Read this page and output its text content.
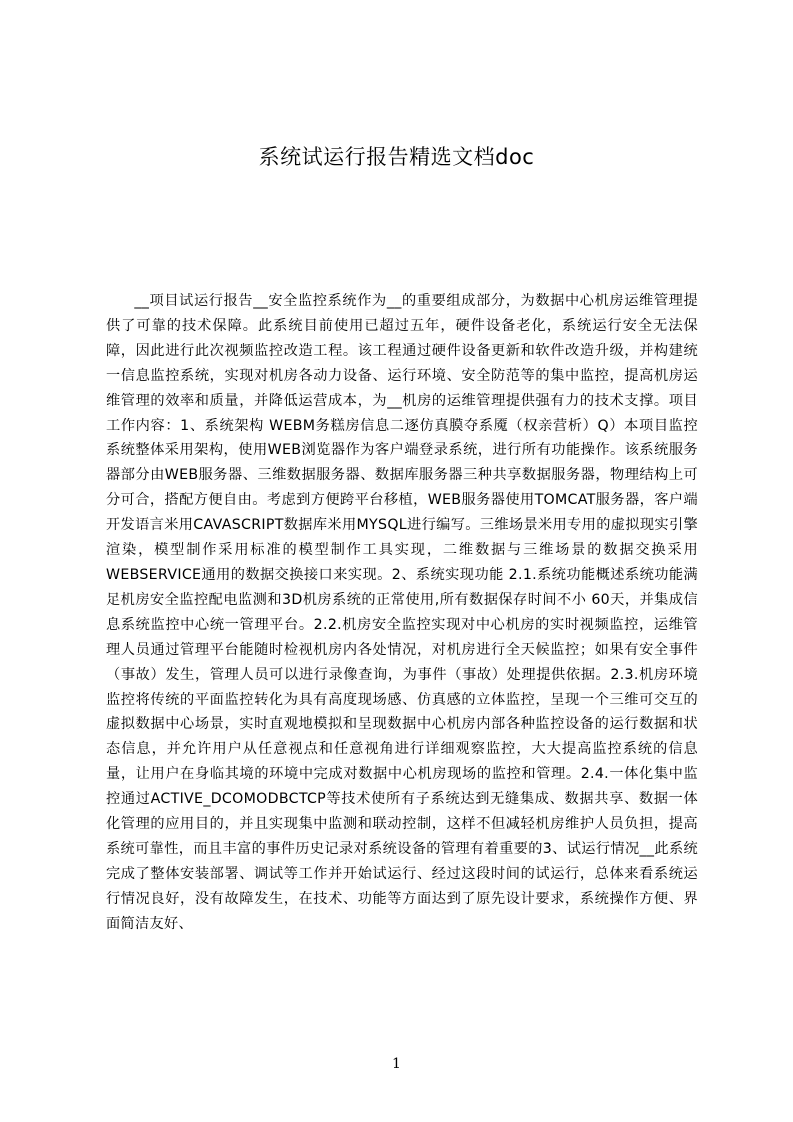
系统试运行报告精选文档doc

__项目试运行报告__安全监控系统作为__的重要组成部分，为数据中心机房运维管理提供了可靠的技术保障。此系统目前使用已超过五年，硬件设备老化，系统运行安全无法保障，因此进行此次视频监控改造工程。该工程通过硬件设备更新和软件改造升级，并构建统一信息监控系统，实现对机房各动力设备、运行环境、安全防范等的集中监控，提高机房运维管理的效率和质量，并降低运营成本，为__机房的运维管理提供强有力的技术支撑。项目工作内容：1、系统架构 WEBM务糕房信息二逐仿真膜夺系魇（权亲营析）Q）本项目监控系统整体采用架构，使用WEB浏览器作为客户端登录系统，进行所有功能操作。该系统服务器部分由WEB服务器、三维数据服务器、数据库服务器三种共享数据服务器，物理结构上可分可合，搭配方便自由。考虑到方便跨平台移植，WEB服务器使用TOMCAT服务器，客户端开发语言米用CAVASCRIPT数据库米用MYSQL进行编写。三维场景米用专用的虚拟现实引擎渲染，模型制作采用标准的模型制作工具实现，二维数据与三维场景的数据交换采用WEBSERVICE通用的数据交换接口来实现。2、系统实现功能 2.1.系统功能概述系统功能满足机房安全监控配电监测和3D机房系统的正常使用,所有数据保存时间不小 60天，并集成信息系统监控中心统一管理平台。2.2.机房安全监控实现对中心机房的实时视频监控，运维管理人员通过管理平台能随时检视机房内各处情况，对机房进行全天候监控；如果有安全事件（事故）发生，管理人员可以进行录像查询，为事件（事故）处理提供依据。2.3.机房环境监控将传统的平面监控转化为具有高度现场感、仿真感的立体监控，呈现一个三维可交互的虚拟数据中心场景，实时直观地模拟和呈现数据中心机房内部各种监控设备的运行数据和状态信息，并允许用户从任意视点和任意视角进行详细观察监控，大大提高监控系统的信息量，让用户在身临其境的环境中完成对数据中心机房现场的监控和管理。2.4.一体化集中监控通过ACTIVE_DCOMODBCTCP等技术使所有子系统达到无缝集成、数据共享、数据一体化管理的应用目的，并且实现集中监测和联动控制，这样不但减轻机房维护人员负担，提高系统可靠性，而且丰富的事件历史记录对系统设备的管理有着重要的3、试运行情况__此系统完成了整体安装部署、调试等工作并开始试运行、经过这段时间的试运行，总体来看系统运行情况良好，没有故障发生，在技术、功能等方面达到了原先设计要求，系统操作方便、界面简洁友好、

1
